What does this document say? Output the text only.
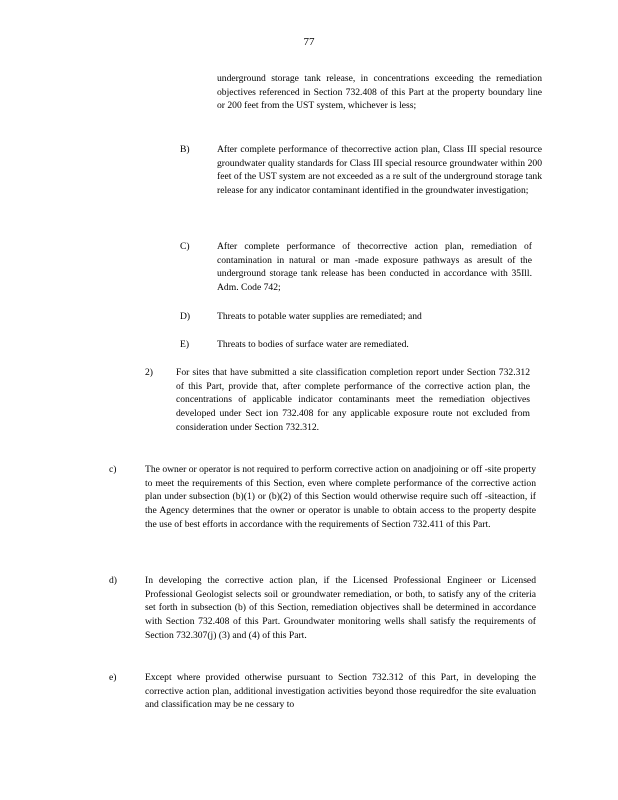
77
underground storage tank release, in concentrations exceeding the remediation objectives referenced in Section 732.408 of this Part at the property boundary line or 200 feet from the UST system, whichever is less;
B)	After complete performance of thecorrective action plan, Class III special resource groundwater quality standards for Class III special resource groundwater within 200 feet of the UST system are not exceeded as a re sult of the underground storage tank release for any indicator contaminant identified in the groundwater investigation;
C)	After complete performance of thecorrective action plan, remediation of contamination in natural or man -made exposure pathways as aresult of the underground storage tank release has been conducted in accordance with 35Ill. Adm. Code 742;
D)	Threats to potable water supplies are remediated; and
E)	Threats to bodies of surface water are remediated.
2) For sites that have submitted a site classification completion report under Section 732.312 of this Part, provide that, after complete performance of the corrective action plan, the concentrations of applicable indicator contaminants meet the remediation objectives developed under Sect ion 732.408 for any applicable exposure route not excluded from consideration under Section 732.312.
c)	The owner or operator is not required to perform corrective action on anadjoining or off -site property to meet the requirements of this Section, even where complete performance of the corrective action plan under subsection (b)(1) or (b)(2) of this Section would otherwise require such off -siteaction, if the Agency determines that the owner or operator is unable to obtain access to the property despite the use of best efforts in accordance with the requirements of Section 732.411 of this Part.
d)	In developing the corrective action plan, if the Licensed Professional Engineer or Licensed Professional Geologist selects soil or groundwater remediation, or both, to satisfy any of the criteria set forth in subsection (b) of this Section, remediation objectives shall be determined in accordance with Section 732.408 of this Part. Groundwater monitoring wells shall satisfy the requirements of Section 732.307(j) (3) and (4) of this Part.
e)	Except where provided otherwise pursuant to Section 732.312 of this Part, in developing the corrective action plan, additional investigation activities beyond those requiredfor the site evaluation and classification may be ne cessary to
